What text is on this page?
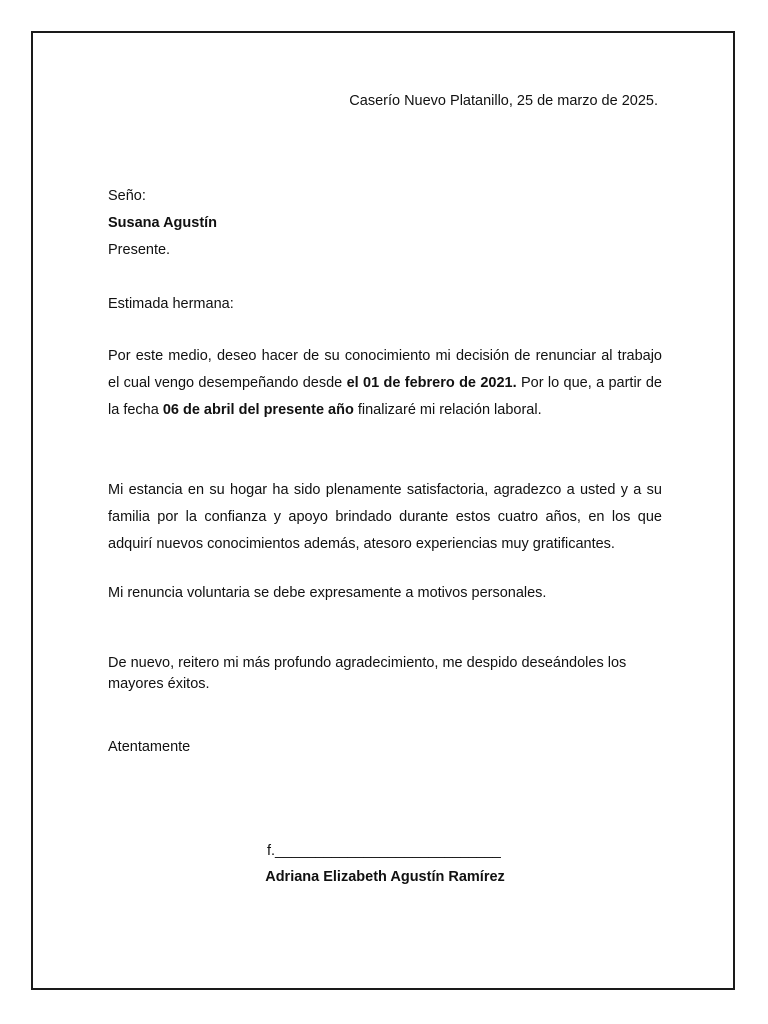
Caserío Nuevo Platanillo, 25 de marzo de 2025.

Seño:

Susana Agustín

Presente.

Estimada hermana:

Por este medio, deseo hacer de su conocimiento mi decisión de renunciar al trabajo el cual vengo desempeñando desde el 01 de febrero de 2021. Por lo que, a partir de la fecha 06 de abril del presente año finalizaré mi relación laboral.

Mi estancia en su hogar ha sido plenamente satisfactoria, agradezco a usted y a su familia por la confianza y apoyo brindado durante estos cuatro años, en los que adquirí nuevos conocimientos además, atesoro experiencias muy gratificantes.

Mi renuncia voluntaria se debe expresamente a motivos personales.

De nuevo, reitero mi más profundo agradecimiento, me despido deseándoles los mayores éxitos.

Atentamente

f.____________________________

Adriana Elizabeth Agustín Ramírez
